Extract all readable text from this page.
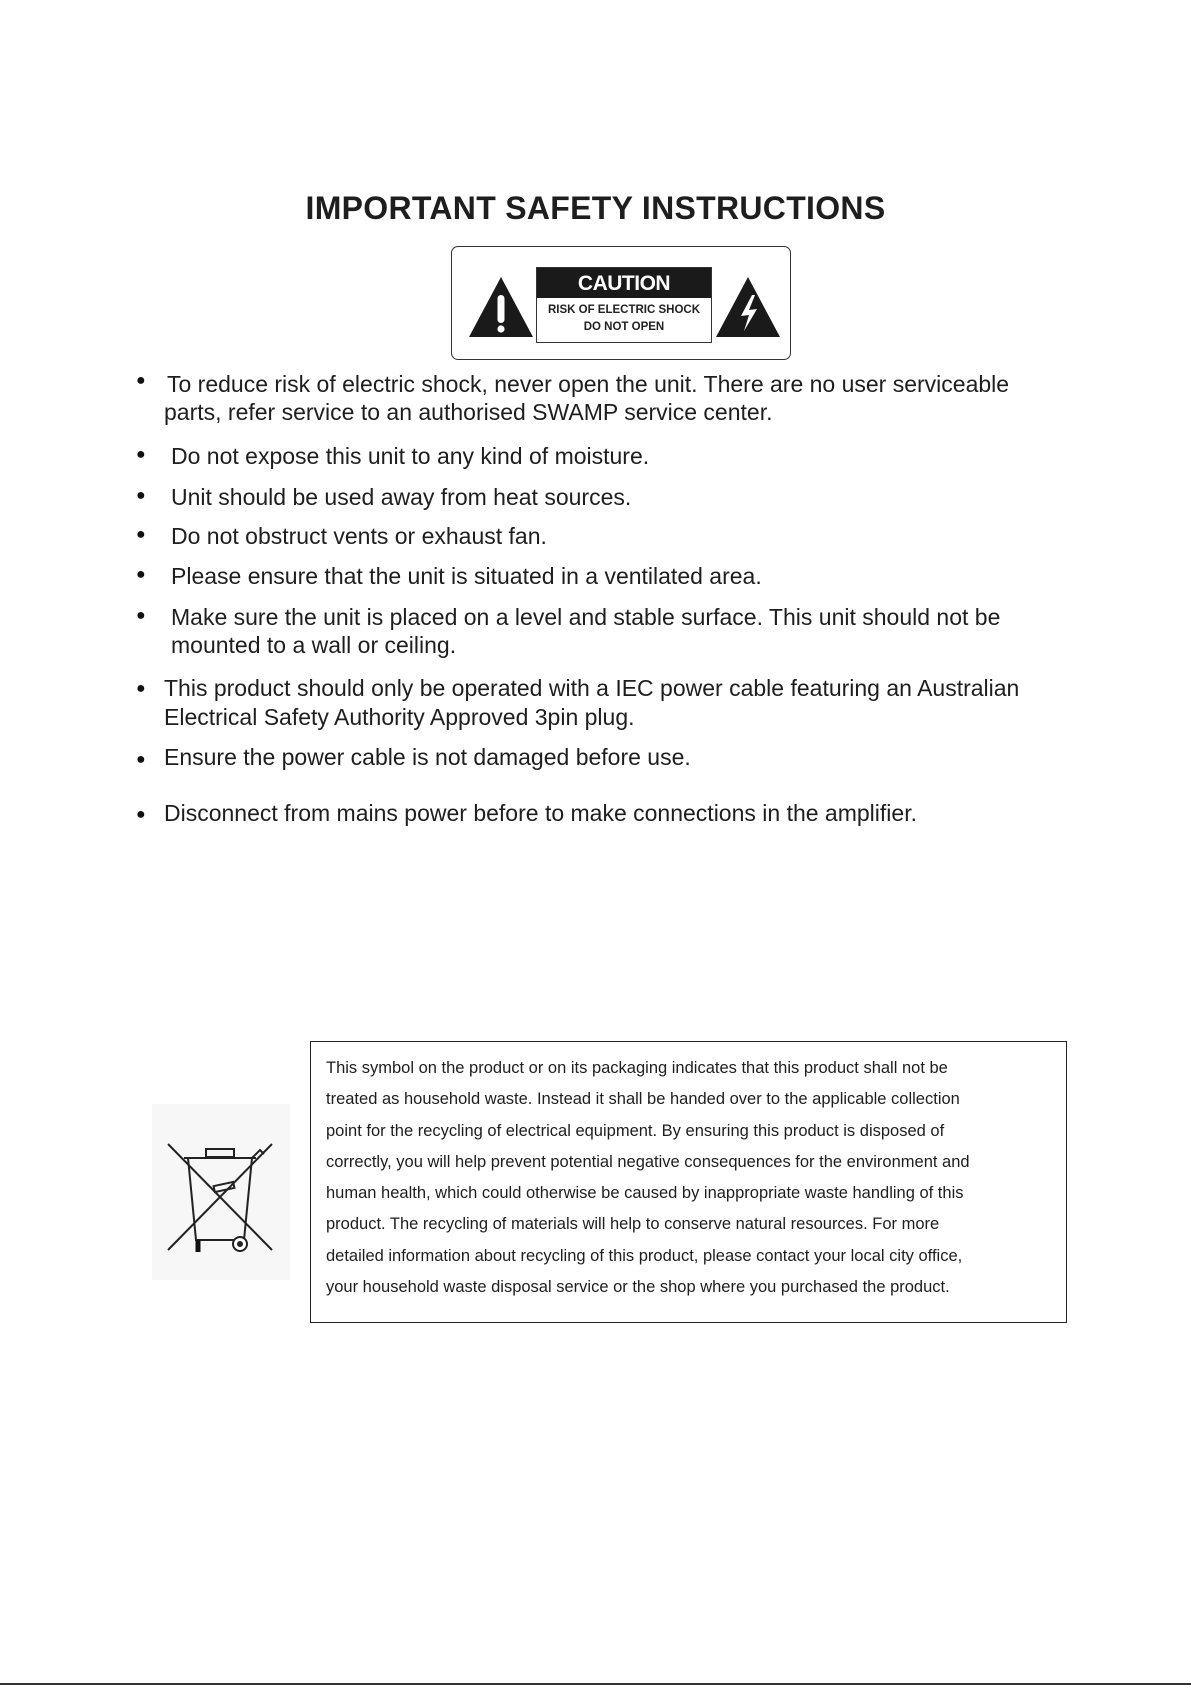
IMPORTANT SAFETY INSTRUCTIONS
CAUTION
RISK OF ELECTRIC SHOCK
DO NOT OPEN
● To reduce risk of electric shock, never open the unit. There are no user serviceable
parts, refer service to an authorised SWAMP service center.
● Do not expose this unit to any kind of moisture.
● Unit should be used away from heat sources.
● Do not obstruct vents or exhaust fan.
● Please ensure that the unit is situated in a ventilated area.
● Make sure the unit is placed on a level and stable surface. This unit should not be
mounted to a wall or ceiling.
● This product should only be operated with a IEC power cable featuring an Australian
Electrical Safety Authority Approved 3pin plug.
● Ensure the power cable is not damaged before use.
● Disconnect from mains power before to make connections in the amplifier.

This symbol on the product or on its packaging indicates that this product shall not be

treated as household waste. Instead it shall be handed over to the applicable collection

point for the recycling of electrical equipment. By ensuring this product is disposed of

correctly, you will help prevent potential negative consequences for the environment and

human health, which could otherwise be caused by inappropriate waste handling of this

product. The recycling of materials will help to conserve natural resources. For more

detailed information about recycling of this product, please contact your local city office,

your household waste disposal service or the shop where you purchased the product.
